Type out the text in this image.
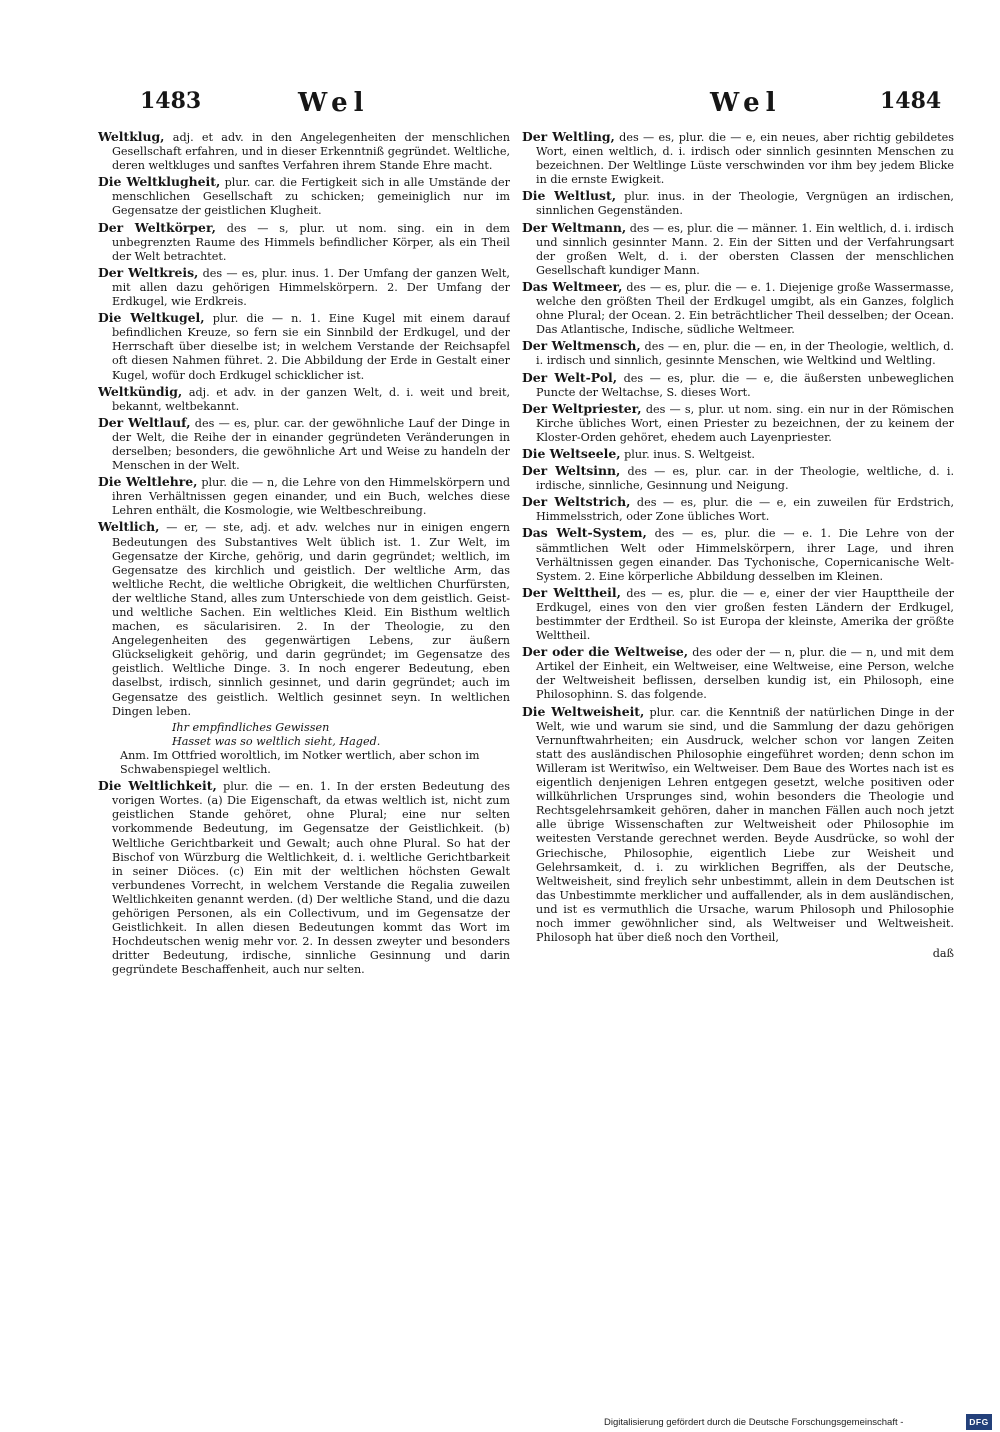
1483	Wel	Wel	1484

Weltklug, adj. et adv. in den Angelegenheiten der menschlichen Gesellschaft erfahren, und in dieser Erkenntniß gegründet. Weltliche, deren weltkluges und sanftes Verfahren ihrem Stande Ehre macht.

Die Weltklugheit, plur. car. die Fertigkeit sich in alle Umstände der menschlichen Gesellschaft zu schicken; gemeiniglich nur im Gegensatze der geistlichen Klugheit.

Der Weltkörper, des — s, plur. ut nom. sing. ein in dem unbegrenzten Raume des Himmels befindlicher Körper, als ein Theil der Welt betrachtet.

Der Weltkreis, des — es, plur. inus. 1. Der Umfang der ganzen Welt, mit allen dazu gehörigen Himmelskörpern. 2. Der Umfang der Erdkugel, wie Erdkreis.

Die Weltkugel, plur. die — n. 1. Eine Kugel mit einem darauf befindlichen Kreuze, so fern sie ein Sinnbild der Erdkugel, und der Herrschaft über dieselbe ist; in welchem Verstande der Reichsapfel oft diesen Nahmen führet. 2. Die Abbildung der Erde in Gestalt einer Kugel, wofür doch Erdkugel schicklicher ist.

Weltkündig, adj. et adv. in der ganzen Welt, d. i. weit und breit, bekannt, weltbekannt.

Der Weltlauf, des — es, plur. car. der gewöhnliche Lauf der Dinge in der Welt, die Reihe der in einander gegründeten Veränderungen in derselben; besonders, die gewöhnliche Art und Weise zu handeln der Menschen in der Welt.

Die Weltlehre, plur. die — n, die Lehre von den Himmelskörpern und ihren Verhältnissen gegen einander, und ein Buch, welches diese Lehren enthält, die Kosmologie, wie Weltbeschreibung.

Weltlich, — er, — ste, adj. et adv. welches nur in einigen engern Bedeutungen des Substantives Welt üblich ist. 1. Zur Welt, im Gegensatze der Kirche, gehörig, und darin gegründet; weltlich, im Gegensatze des kirchlich und geistlich. Der weltliche Arm, das weltliche Recht, die weltliche Obrigkeit, die weltlichen Churfürsten, der weltliche Stand, alles zum Unterschiede von dem geistlich. Geist- und weltliche Sachen. Ein weltliches Kleid. Ein Bisthum weltlich machen, es säcularisiren. 2. In der Theologie, zu den Angelegenheiten des gegenwärtigen Lebens, zur äußern Glückseligkeit gehörig, und darin gegründet; im Gegensatze des geistlich. Weltliche Dinge. 3. In noch engerer Bedeutung, eben daselbst, irdisch, sinnlich gesinnet, und darin gegründet; auch im Gegensatze des geistlich. Weltlich gesinnet seyn. In weltlichen Dingen leben.

Ihr empfindliches Gewissen

Hasset was so weltlich sieht, Haged.

Anm. Im Ottfried woroltlich, im Notker wertlich, aber schon im Schwabenspiegel weltlich.

Die Weltlichkeit, plur. die — en. 1. In der ersten Bedeutung des vorigen Wortes. (a) Die Eigenschaft, da etwas weltlich ist, nicht zum geistlichen Stande gehöret, ohne Plural; eine nur selten vorkommende Bedeutung, im Gegensatze der Geistlichkeit. (b) Weltliche Gerichtbarkeit und Gewalt; auch ohne Plural. So hat der Bischof von Würzburg die Weltlichkeit, d. i. weltliche Gerichtbarkeit in seiner Diöces. (c) Ein mit der weltlichen höchsten Gewalt verbundenes Vorrecht, in welchem Verstande die Regalia zuweilen Weltlichkeiten genannt werden. (d) Der weltliche Stand, und die dazu gehörigen Personen, als ein Collectivum, und im Gegensatze der Geistlichkeit. In allen diesen Bedeutungen kommt das Wort im Hochdeutschen wenig mehr vor. 2. In dessen zweyter und besonders dritter Bedeutung, irdische, sinnliche Gesinnung und darin gegründete Beschaffenheit, auch nur selten.

Der Weltling, des — es, plur. die — e, ein neues, aber richtig gebildetes Wort, einen weltlich, d. i. irdisch oder sinnlich gesinnten Menschen zu bezeichnen. Der Weltlinge Lüste verschwinden vor ihm bey jedem Blicke in die ernste Ewigkeit.

Die Weltlust, plur. inus. in der Theologie, Vergnügen an irdischen, sinnlichen Gegenständen.

Der Weltmann, des — es, plur. die — männer. 1. Ein weltlich, d. i. irdisch und sinnlich gesinnter Mann. 2. Ein der Sitten und der Verfahrungsart der großen Welt, d. i. der obersten Classen der menschlichen Gesellschaft kundiger Mann.

Das Weltmeer, des — es, plur. die — e. 1. Diejenige große Wassermasse, welche den größten Theil der Erdkugel umgibt, als ein Ganzes, folglich ohne Plural; der Ocean. 2. Ein beträchtlicher Theil desselben; der Ocean. Das Atlantische, Indische, südliche Weltmeer.

Der Weltmensch, des — en, plur. die — en, in der Theologie, weltlich, d. i. irdisch und sinnlich, gesinnte Menschen, wie Weltkind und Weltling.

Der Welt-Pol, des — es, plur. die — e, die äußersten unbeweglichen Puncte der Weltachse, S. dieses Wort.

Der Weltpriester, des — s, plur. ut nom. sing. ein nur in der Römischen Kirche übliches Wort, einen Priester zu bezeichnen, der zu keinem der Kloster-Orden gehöret, ehedem auch Layenpriester.

Die Weltseele, plur. inus. S. Weltgeist.

Der Weltsinn, des — es, plur. car. in der Theologie, weltliche, d. i. irdische, sinnliche, Gesinnung und Neigung.

Der Weltstrich, des — es, plur. die — e, ein zuweilen für Erdstrich, Himmelsstrich, oder Zone übliches Wort.

Das Welt-System, des — es, plur. die — e. 1. Die Lehre von der sämmtlichen Welt oder Himmelskörpern, ihrer Lage, und ihren Verhältnissen gegen einander. Das Tychonische, Copernicanische Welt-System. 2. Eine körperliche Abbildung desselben im Kleinen.

Der Welttheil, des — es, plur. die — e, einer der vier Haupttheile der Erdkugel, eines von den vier großen festen Ländern der Erdkugel, bestimmter der Erdtheil. So ist Europa der kleinste, Amerika der größte Welttheil.

Der oder die Weltweise, des oder der — n, plur. die — n, und mit dem Artikel der Einheit, ein Weltweiser, eine Weltweise, eine Person, welche der Weltweisheit beflissen, derselben kundig ist, ein Philosoph, eine Philosophinn. S. das folgende.

Die Weltweisheit, plur. car. die Kenntniß der natürlichen Dinge in der Welt, wie und warum sie sind, und die Sammlung der dazu gehörigen Vernunftwahrheiten; ein Ausdruck, welcher schon vor langen Zeiten statt des ausländischen Philosophie eingeführet worden; denn schon im Willeram ist Weritwîso, ein Weltweiser. Dem Baue des Wortes nach ist es eigentlich denjenigen Lehren entgegen gesetzt, welche positiven oder willkührlichen Ursprunges sind, wohin besonders die Theologie und Rechtsgelehrsamkeit gehören, daher in manchen Fällen auch noch jetzt alle übrige Wissenschaften zur Weltweisheit oder Philosophie im weitesten Verstande gerechnet werden. Beyde Ausdrücke, so wohl der Griechische, Philosophie, eigentlich Liebe zur Weisheit und Gelehrsamkeit, d. i. zu wirklichen Begriffen, als der Deutsche, Weltweisheit, sind freylich sehr unbestimmt, allein in dem Deutschen ist das Unbestimmte merklicher und auffallender, als in dem ausländischen, und ist es vermuthlich die Ursache, warum Philosoph und Philosophie noch immer gewöhnlicher sind, als Weltweiser und Weltweisheit. Philosoph hat über dieß noch den Vortheil,

daß

Digitalisierung gefördert durch die Deutsche Forschungsgemeinschaft -	DFG
